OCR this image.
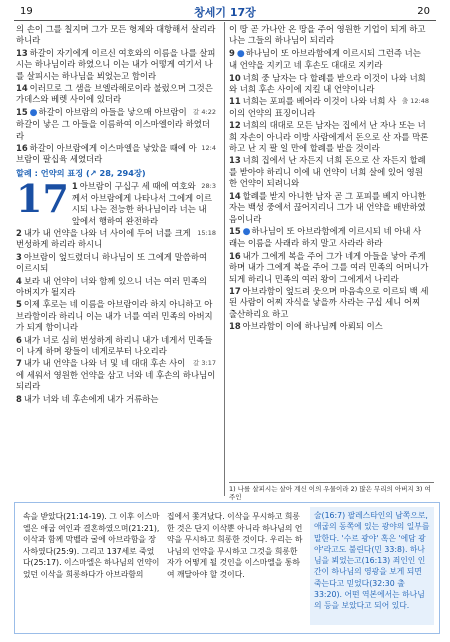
19	창세기 17장	20
의 손이 그를 칠지며 그가 모든 형제와 대항해서 살리라 하니라
13 하갈이 자기에게 이르신 여호와의 이름을 나를 살피시는 하나님이라 하였으니 이는 내가 어떻게 여기서 나를 살피시는 하나님을 뵈었는고 함이라
14 이러므로 그 샘을 브엘라해로이라 불렀으며 그것은 가데스와 베렛 사이에 있더라
갈 4:22
15 ●하갈이 아브람의 아들을 낳으매 아브람이 하갈이 낳은 그 아들을 이름하여 이스마엘이라 하였더라
12:4
16 하갈이 아브람에게 이스마엘을 낳았을 때에 아브람이 팔십육 세였더라
할례 : 언약의 표징 (↗ 28, 294장)
17	28:3
1 아브람이 구십구 세 때에 여호와께서 아브람에게 나타나서 그에게 이르시되 나는 전능한 하나님이라 너는 내 앞에서 행하여 완전하라
15:18
2 내가 내 언약을 나와 너 사이에 두어 너를 크게 번성하게 하리라 하시니
3 아브람이 엎드렸더니 하나님이 또 그에게 말씀하여 이르시되
4 보라 내 언약이 너와 함께 있으니 너는 여러 민족의 아버지가 될지라
5 이제 후로는 네 이름을 아브람이라 하지 아니하고 아브라함이라 하리니 이는 내가 너를 여러 민족의 아버지가 되게 함이니라
6 내가 너로 심히 번성하게 하리니 내가 네게서 민족들이 나게 하며 왕들이 네게로부터 나오리라
갈 3:17
7 내가 내 언약을 나와 너 및 네 대대 후손 사이에 세워서 영원한 언약을 삼고 너와 네 후손의 하나님이 되리라
8 내가 너와 네 후손에게 내가 거류하는
이 땅 곧 가나안 온 땅을 주어 영원한 기업이 되게 하고 나는 그들의 하나님이 되리라
9 ●하나님이 또 아브라함에게 이르시되 그런즉 너는 내 언약을 지키고 네 후손도 대대로 지키라
10 너희 중 남자는 다 할례를 받으라 이것이 나와 너희와 너희 후손 사이에 지킬 내 언약이니라
출 12:48
11 너희는 포피를 베어라 이것이 나와 너희 사이의 언약의 표징이니라
12 너희의 대대로 모든 남자는 집에서 난 자나 또는 너희 자손이 아니라 이방 사람에게서 돈으로 산 자를 막론하고 난 지 팔 일 만에 할례를 받을 것이라
13 너희 집에서 난 자든지 너희 돈으로 산 자든지 할례를 받아야 하리니 이에 내 언약이 너희 살에 있어 영원한 언약이 되려니와
14 할례를 받지 아니한 남자 곧 그 포피를 베지 아니한 자는 백성 중에서 끊어지리니 그가 내 언약을 배반하였음이니라
15 ●하나님이 또 아브라함에게 이르시되 네 아내 사래는 이름을 사래라 하지 말고 사라라 하라
16 내가 그에게 복을 주어 그가 네게 아들을 낳아 주게 하며 내가 그에게 복을 주어 그를 여러 민족의 어머니가 되게 하리니 민족의 여러 왕이 그에게서 나리라
17 아브라함이 엎드려 웃으며 마음속으로 이르되 백 세 된 사람이 어찌 자식을 낳을까 사라는 구십 세니 어찌 출산하리요 하고
18 아브라함이 이에 하나님께 아뢰되 이스
1) 나를 살피시는 살아 계신 이의 우물이라 2) 많은 무리의 아버지 3) 여주인
속을 받았다(21:14-19). 그 이후 이스마엘은 애굽 여인과 결혼하였으며(21:21), 이삭과 함께 막벨라 굴에 아브라함을 장사하였다(25:9). 그리고 137세로 죽었다(25:17). 이스마엘은 하나님의 언약이었던 이삭을 희롱하다가 아브라함의
집에서 쫓겨났다. 이삭을 무시하고 희롱한 것은 단지 이삭뿐 아니라 하나님의 언약을 무시하고 희롱한 것이다. 우리는 하나님의 언약을 무시하고 그것을 희롱한 자가 어떻게 될 것인을 이스마엘을 통하여 깨달아야 할 것이다.
술(16:7) 팔레스타인의 남쪽으로, 애굽의 동쪽에 있는 광야의 일부를 말한다. '수르 광야' 혹은 '에담 광야'라고도 불린다(민 33:8). 하나님을 뵈었는고(16:13) 죄인인 인간이 하나님의 영광을 보게 되면 죽는다고 믿었다(32:30 출 33:20). 어떤 역본에서는 하나님의 등을 보았다고 되어 있다.
